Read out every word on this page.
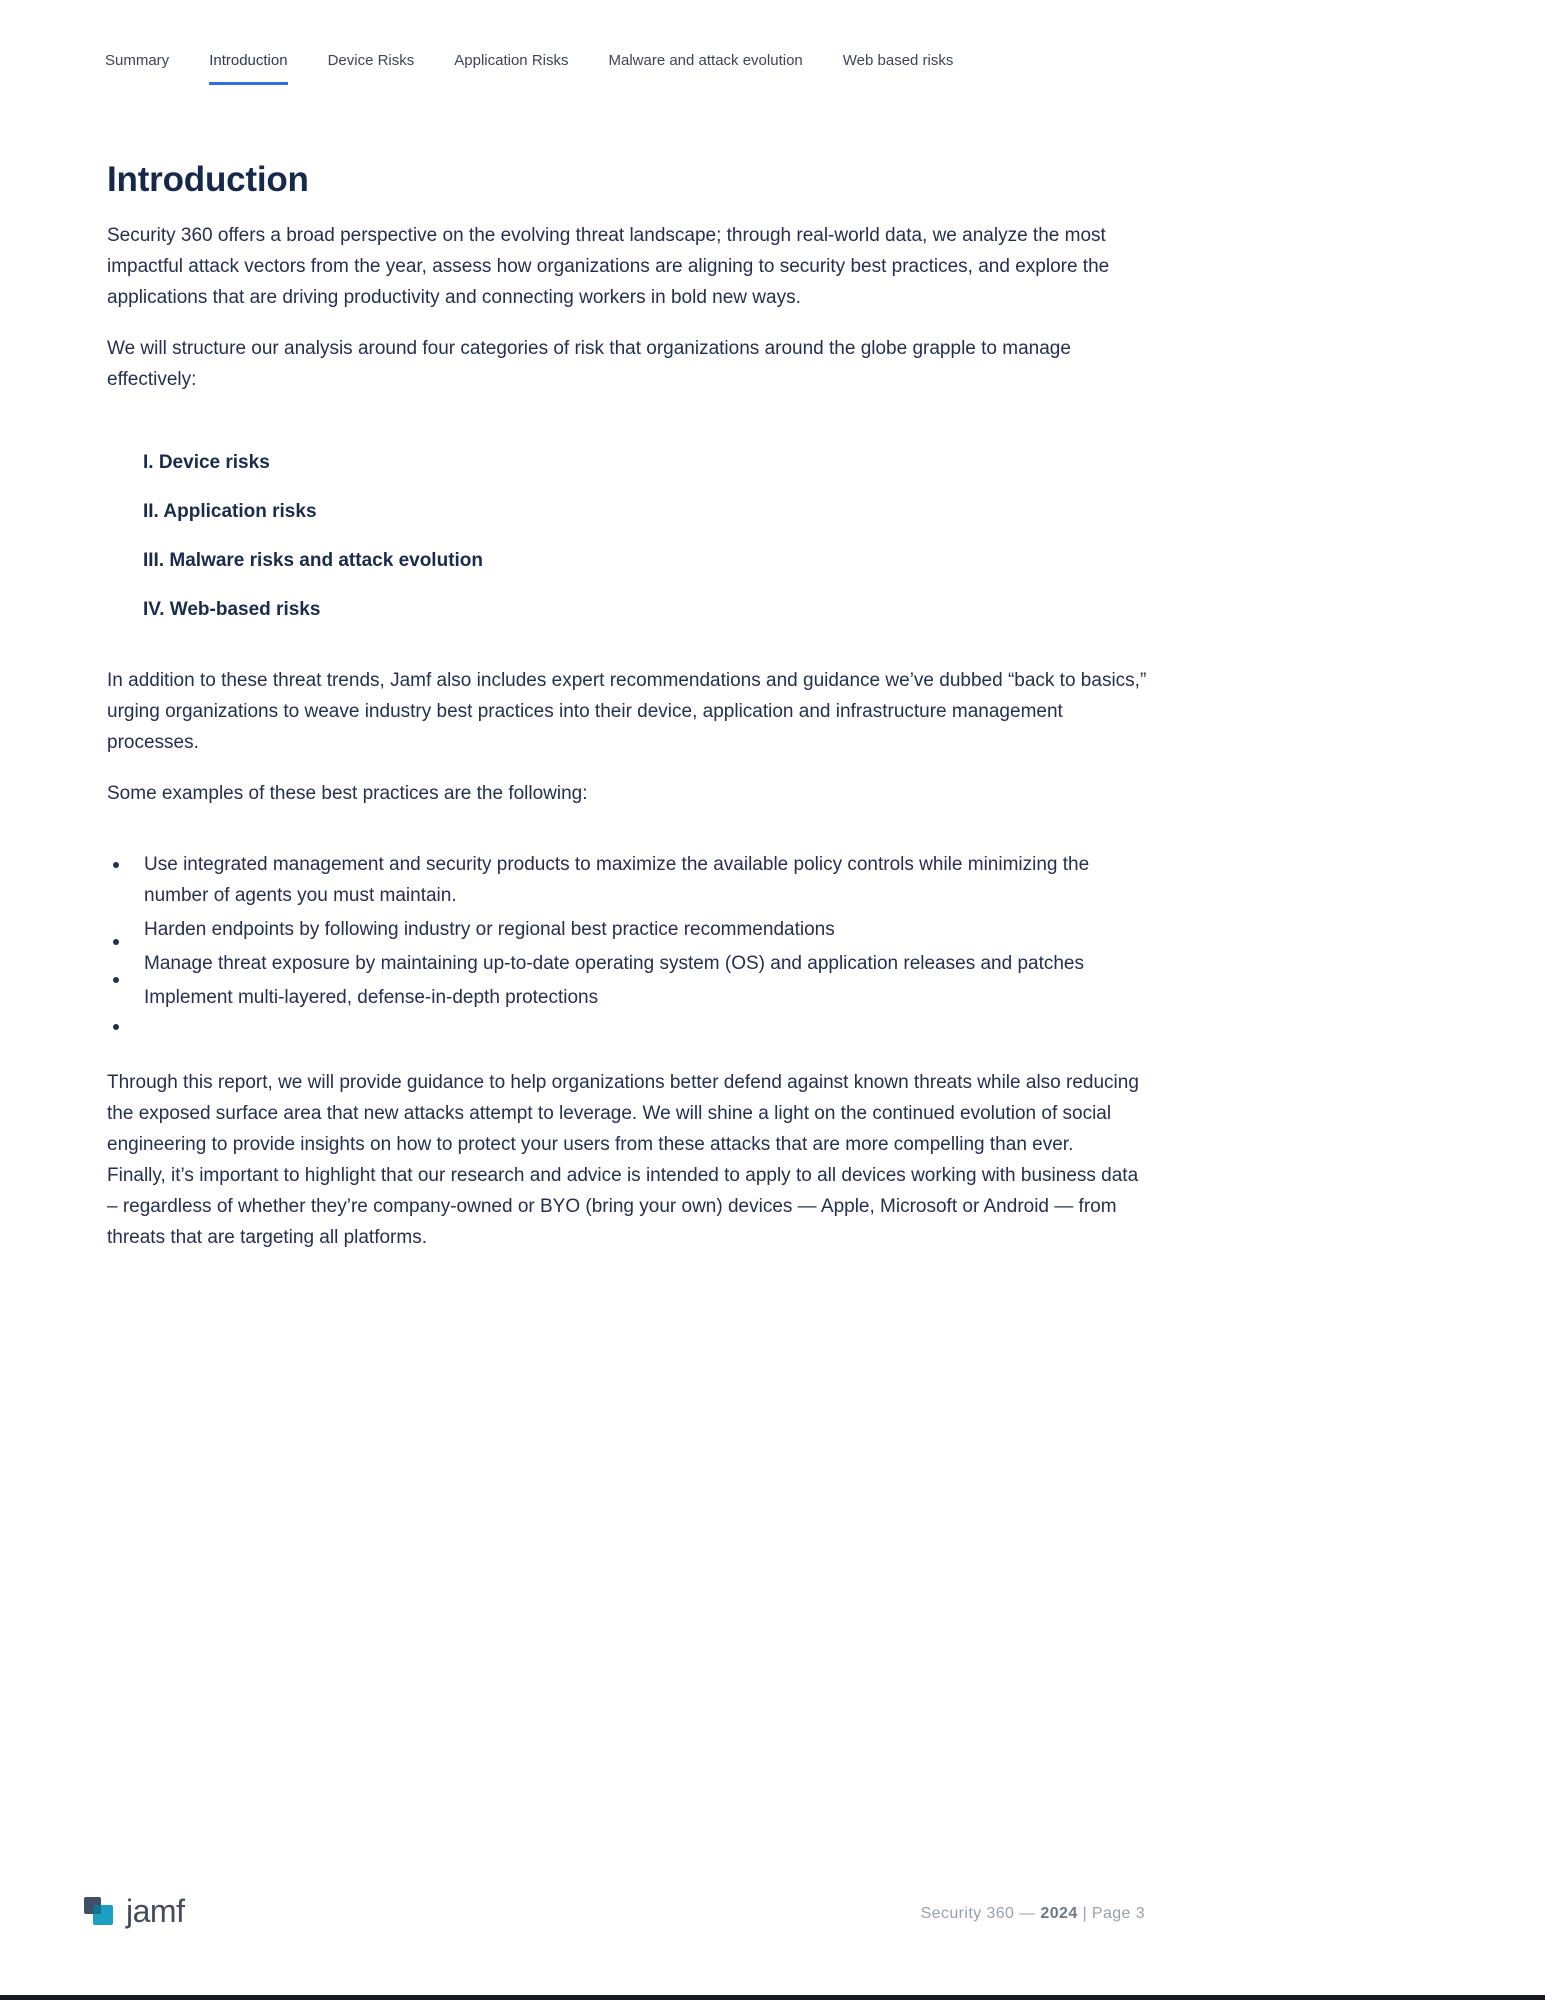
Summary	Introduction	Device Risks	Application Risks	Malware and attack evolution	Web based risks
Introduction

Security 360 offers a broad perspective on the evolving threat landscape; through real-world data, we analyze the most impactful attack vectors from the year, assess how organizations are aligning to security best practices, and explore the applications that are driving productivity and connecting workers in bold new ways.

We will structure our analysis around four categories of risk that organizations around the globe grapple to manage effectively:

I. Device risks
II. Application risks
III. Malware risks and attack evolution
IV. Web-based risks

In addition to these threat trends, Jamf also includes expert recommendations and guidance we’ve dubbed “back to basics,” urging organizations to weave industry best practices into their device, application and infrastructure management processes.

Some examples of these best practices are the following:

Use integrated management and security products to maximize the available policy controls while minimizing the number of agents you must maintain.
Harden endpoints by following industry or regional best practice recommendations
Manage threat exposure by maintaining up-to-date operating system (OS) and application releases and patches
Implement multi-layered, defense-in-depth protections

Through this report, we will provide guidance to help organizations better defend against known threats while also reducing the exposed surface area that new attacks attempt to leverage. We will shine a light on the continued evolution of social engineering to provide insights on how to protect your users from these attacks that are more compelling than ever.

Finally, it’s important to highlight that our research and advice is intended to apply to all devices working with business data – regardless of whether they’re company-owned or BYO (bring your own) devices — Apple, Microsoft or Android — from threats that are targeting all platforms.

jamf	Security 360 — 2024 | Page 3
